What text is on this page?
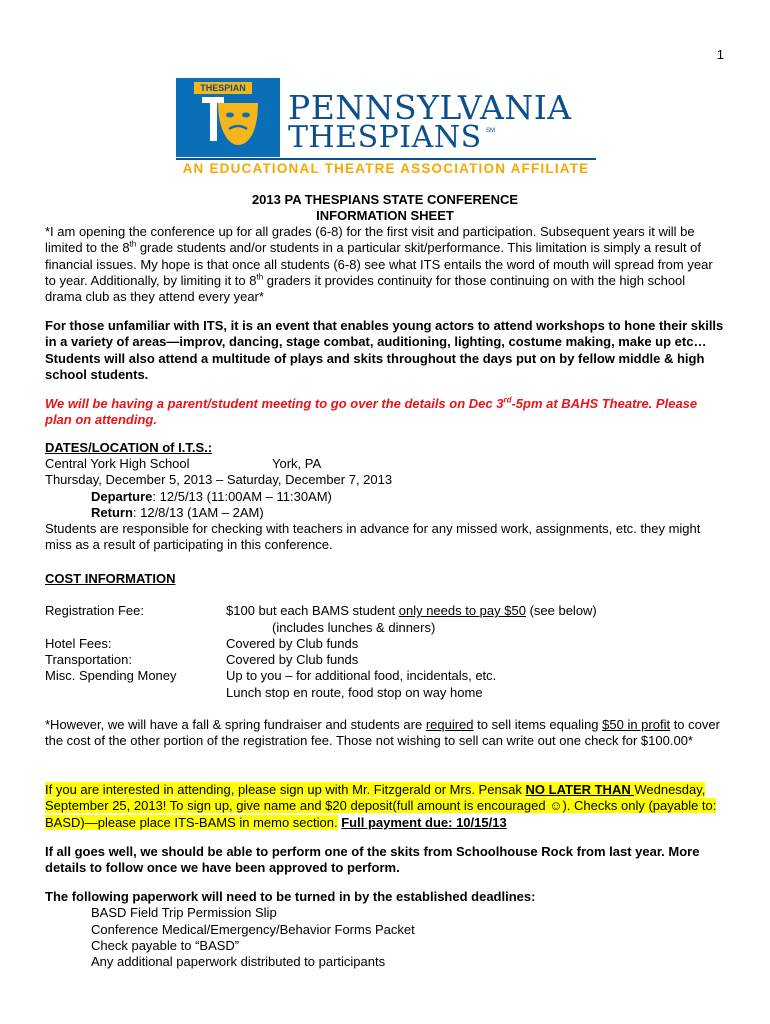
1
THESPIAN PENNSYLVANIA
THESPIANS SM
AN EDUCATIONAL THEATRE ASSOCIATION AFFILIATE
2013 PA THESPIANS STATE CONFERENCE
INFORMATION SHEET
*I am opening the conference up for all grades (6-8) for the first visit and participation. Subsequent years it will be limited to the 8th grade students and/or students in a particular skit/performance. This limitation is simply a result of financial issues. My hope is that once all students (6-8) see what ITS entails the word of mouth will spread from year to year. Additionally, by limiting it to 8th graders it provides continuity for those continuing on with the high school drama club as they attend every year*
For those unfamiliar with ITS, it is an event that enables young actors to attend workshops to hone their skills in a variety of areas—improv, dancing, stage combat, auditioning, lighting, costume making, make up etc… Students will also attend a multitude of plays and skits throughout the days put on by fellow middle & high school students.
We will be having a parent/student meeting to go over the details on Dec 3rd-5pm at BAHS Theatre. Please plan on attending.
DATES/LOCATION of I.T.S.:
Central York High School	York, PA
Thursday, December 5, 2013 – Saturday, December 7, 2013
Departure: 12/5/13 (11:00AM – 11:30AM)
Return: 12/8/13 (1AM – 2AM)
Students are responsible for checking with teachers in advance for any missed work, assignments, etc. they might miss as a result of participating in this conference.
COST INFORMATION
Registration Fee:	$100 but each BAMS student only needs to pay $50 (see below)
(includes lunches & dinners)
Hotel Fees:	Covered by Club funds
Transportation:	Covered by Club funds
Misc. Spending Money	Up to you – for additional food, incidentals, etc.
Lunch stop en route, food stop on way home
*However, we will have a fall & spring fundraiser and students are required to sell items equaling $50 in profit to cover the cost of the other portion of the registration fee. Those not wishing to sell can write out one check for $100.00*
If you are interested in attending, please sign up with Mr. Fitzgerald or Mrs. Pensak NO LATER THAN Wednesday, September 25, 2013! To sign up, give name and $20 deposit(full amount is encouraged ☺). Checks only (payable to: BASD)—please place ITS-BAMS in memo section. Full payment due: 10/15/13
If all goes well, we should be able to perform one of the skits from Schoolhouse Rock from last year. More details to follow once we have been approved to perform.
The following paperwork will need to be turned in by the established deadlines:
BASD Field Trip Permission Slip
Conference Medical/Emergency/Behavior Forms Packet
Check payable to “BASD”
Any additional paperwork distributed to participants
